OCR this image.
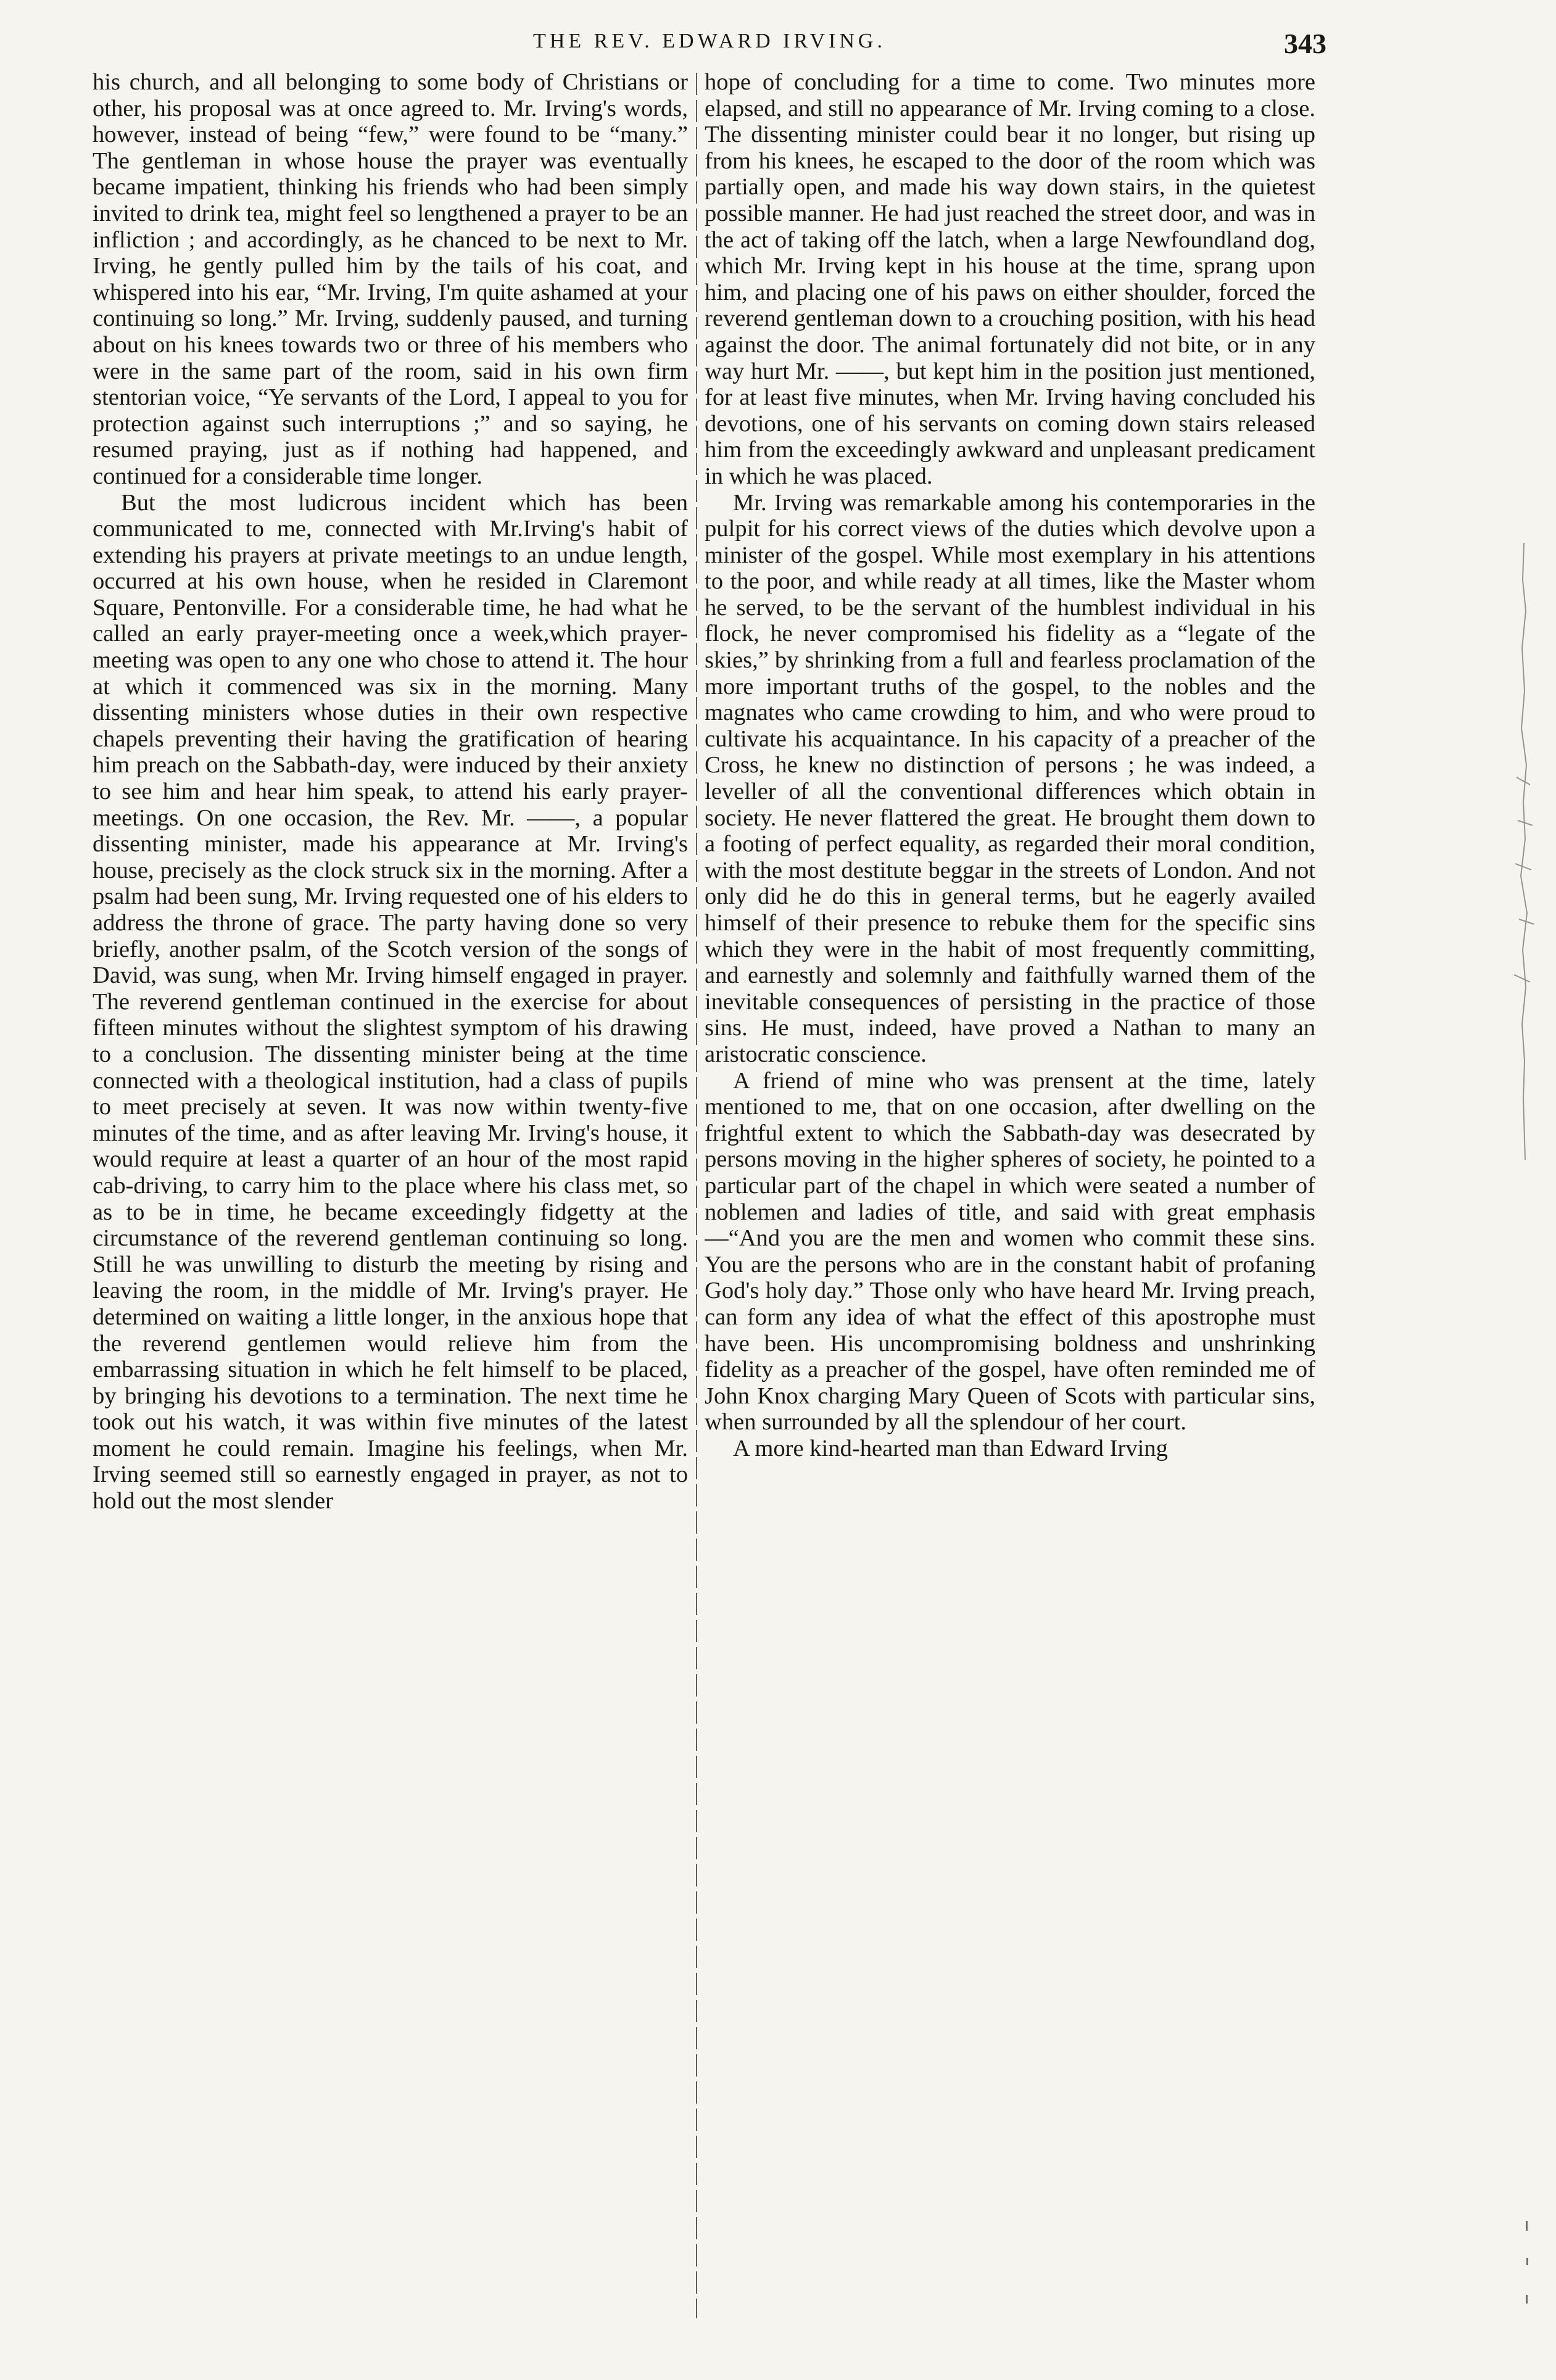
THE REV. EDWARD IRVING.	343

his church, and all belonging to some body of Christians or other, his proposal was at once agreed to. Mr. Irving's words, however, instead of being “few,” were found to be “many.” The gentleman in whose house the prayer was eventually became impatient, thinking his friends who had been simply invited to drink tea, might feel so lengthened a prayer to be an infliction ; and accordingly, as he chanced to be next to Mr. Irving, he gently pulled him by the tails of his coat, and whispered into his ear, “Mr. Irving, I'm quite ashamed at your continuing so long.” Mr. Irving, suddenly paused, and turning about on his knees towards two or three of his members who were in the same part of the room, said in his own firm stentorian voice, “Ye servants of the Lord, I appeal to you for protection against such interruptions ;” and so saying, he resumed praying, just as if nothing had happened, and continued for a considerable time longer.

But the most ludicrous incident which has been communicated to me, connected with Mr.Irving's habit of extending his prayers at private meetings to an undue length, occurred at his own house, when he resided in Claremont Square, Pentonville. For a considerable time, he had what he called an early prayer-meeting once a week,which prayer-meeting was open to any one who chose to attend it. The hour at which it commenced was six in the morning. Many dissenting ministers whose duties in their own respective chapels preventing their having the gratification of hearing him preach on the Sabbath-day, were induced by their anxiety to see him and hear him speak, to attend his early prayer-meetings. On one occasion, the Rev. Mr. ——, a popular dissenting minister, made his appearance at Mr. Irving's house, precisely as the clock struck six in the morning. After a psalm had been sung, Mr. Irving requested one of his elders to address the throne of grace. The party having done so very briefly, another psalm, of the Scotch version of the songs of David, was sung, when Mr. Irving himself engaged in prayer. The reverend gentleman continued in the exercise for about fifteen minutes without the slightest symptom of his drawing to a conclusion. The dissenting minister being at the time connected with a theological institution, had a class of pupils to meet precisely at seven. It was now within twenty-five minutes of the time, and as after leaving Mr. Irving's house, it would require at least a quarter of an hour of the most rapid cab-driving, to carry him to the place where his class met, so as to be in time, he became exceedingly fidgetty at the circumstance of the reverend gentleman continuing so long. Still he was unwilling to disturb the meeting by rising and leaving the room, in the middle of Mr. Irving's prayer. He determined on waiting a little longer, in the anxious hope that the reverend gentlemen would relieve him from the embarrassing situation in which he felt himself to be placed, by bringing his devotions to a termination. The next time he took out his watch, it was within five minutes of the latest moment he could remain. Imagine his feelings, when Mr. Irving seemed still so earnestly engaged in prayer, as not to hold out the most slender

hope of concluding for a time to come. Two minutes more elapsed, and still no appearance of Mr. Irving coming to a close. The dissenting minister could bear it no longer, but rising up from his knees, he escaped to the door of the room which was partially open, and made his way down stairs, in the quietest possible manner. He had just reached the street door, and was in the act of taking off the latch, when a large Newfoundland dog, which Mr. Irving kept in his house at the time, sprang upon him, and placing one of his paws on either shoulder, forced the reverend gentleman down to a crouching position, with his head against the door. The animal fortunately did not bite, or in any way hurt Mr. ——, but kept him in the position just mentioned, for at least five minutes, when Mr. Irving having concluded his devotions, one of his servants on coming down stairs released him from the exceedingly awkward and unpleasant predicament in which he was placed.

Mr. Irving was remarkable among his contemporaries in the pulpit for his correct views of the duties which devolve upon a minister of the gospel. While most exemplary in his attentions to the poor, and while ready at all times, like the Master whom he served, to be the servant of the humblest individual in his flock, he never compromised his fidelity as a “legate of the skies,” by shrinking from a full and fearless proclamation of the more important truths of the gospel, to the nobles and the magnates who came crowding to him, and who were proud to cultivate his acquaintance. In his capacity of a preacher of the Cross, he knew no distinction of persons ; he was indeed, a leveller of all the conventional differences which obtain in society. He never flattered the great. He brought them down to a footing of perfect equality, as regarded their moral condition, with the most destitute beggar in the streets of London. And not only did he do this in general terms, but he eagerly availed himself of their presence to rebuke them for the specific sins which they were in the habit of most frequently committing, and earnestly and solemnly and faithfully warned them of the inevitable consequences of persisting in the practice of those sins. He must, indeed, have proved a Nathan to many an aristocratic conscience.

A friend of mine who was prensent at the time, lately mentioned to me, that on one occasion, after dwelling on the frightful extent to which the Sabbath-day was desecrated by persons moving in the higher spheres of society, he pointed to a particular part of the chapel in which were seated a number of noblemen and ladies of title, and said with great emphasis—“And you are the men and women who commit these sins. You are the persons who are in the constant habit of profaning God's holy day.” Those only who have heard Mr. Irving preach, can form any idea of what the effect of this apostrophe must have been. His uncompromising boldness and unshrinking fidelity as a preacher of the gospel, have often reminded me of John Knox charging Mary Queen of Scots with particular sins, when surrounded by all the splendour of her court.

A more kind-hearted man than Edward Irving
